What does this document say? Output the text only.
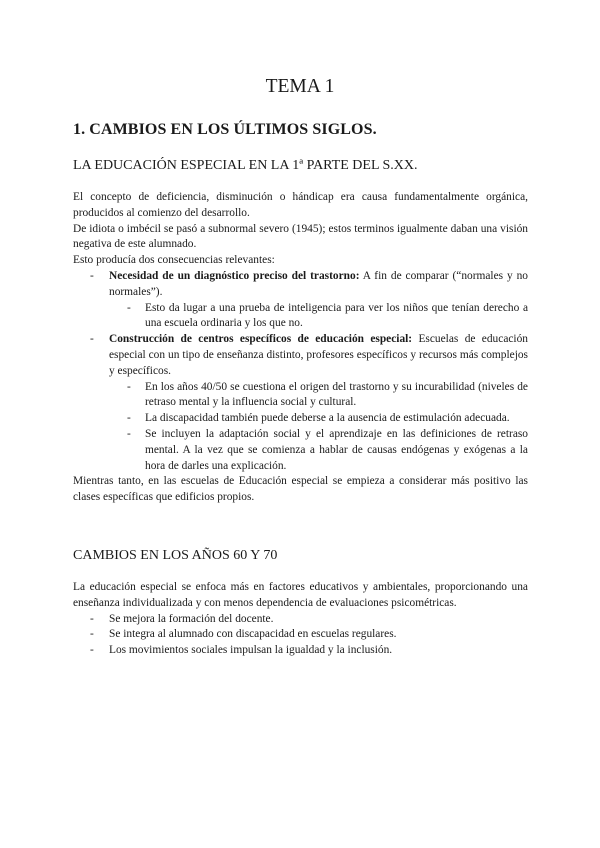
TEMA 1
1. CAMBIOS EN LOS ÚLTIMOS SIGLOS.
LA EDUCACIÓN ESPECIAL EN LA 1ª PARTE DEL S.XX.

El concepto de deficiencia, disminución o hándicap era causa fundamentalmente orgánica, producidos al comienzo del desarrollo.

De idiota o imbécil se pasó a subnormal severo (1945); estos terminos igualmente daban una visión negativa de este alumnado.

Esto producía dos consecuencias relevantes:

- Necesidad de un diagnóstico preciso del trastorno: A fin de comparar (“normales y no normales”).
- Esto da lugar a una prueba de inteligencia para ver los niños que tenían derecho a una escuela ordinaria y los que no.
- Construcción de centros específicos de educación especial: Escuelas de educación especial con un tipo de enseñanza distinto, profesores específicos y recursos más complejos y específicos.
- En los años 40/50 se cuestiona el origen del trastorno y su incurabilidad (niveles de retraso mental y la influencia social y cultural.
- La discapacidad también puede deberse a la ausencia de estimulación adecuada.
- Se incluyen la adaptación social y el aprendizaje en las definiciones de retraso mental. A la vez que se comienza a hablar de causas endógenas y exógenas a la hora de darles una explicación.

Mientras tanto, en las escuelas de Educación especial se empieza a considerar más positivo las clases específicas que edificios propios.

CAMBIOS EN LOS AÑOS 60 Y 70

La educación especial se enfoca más en factores educativos y ambientales, proporcionando una enseñanza individualizada y con menos dependencia de evaluaciones psicométricas.

- Se mejora la formación del docente.
- Se integra al alumnado con discapacidad en escuelas regulares.
- Los movimientos sociales impulsan la igualdad y la inclusión.
